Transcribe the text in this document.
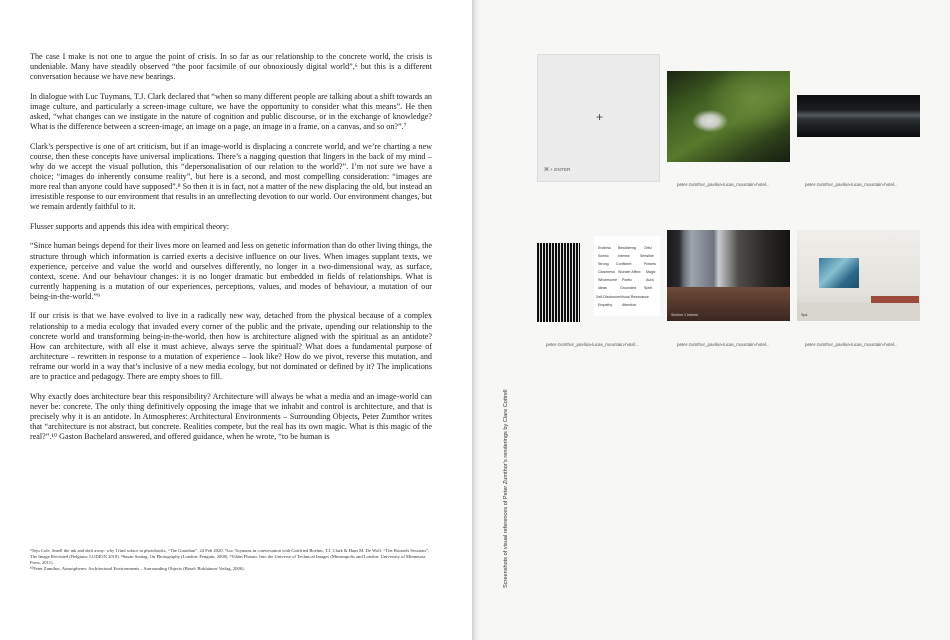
The case I make is not one to argue the point of crisis. In so far as our relationship to the concrete world, the crisis is undeniable. Many have steadily observed “the poor facsimile of our obnoxiously digital world”,⁶ but this is a different conversation because we have new bearings.

In dialogue with Luc Tuymans, T.J. Clark declared that “when so many different people are talking about a shift towards an image culture, and particularly a screen-image culture, we have the opportunity to consider what this means”. He then asked, “what changes can we instigate in the nature of cognition and public discourse, or in the exchange of knowledge? What is the difference between a screen-image, an image on a page, an image in a frame, on a canvas, and so on?”.⁷

Clark’s perspective is one of art criticism, but if an image-world is displacing a concrete world, and we’re charting a new course, then these concepts have universal implications. There’s a nagging question that lingers in the back of my mind – why do we accept the visual pollution, this “depersonalisation of our relation to the world?”. I’m not sure we have a choice; “images do inherently consume reality”, but here is a second, and most compelling consideration: “images are more real than anyone could have supposed”.⁸ So then it is in fact, not a matter of the new displacing the old, but instead an irresistible response to our environment that results in an unreflecting devotion to our world. Our environment changes, but we remain ardently faithful to it.

Flusser supports and appends this idea with empirical theory:

“Since human beings depend for their lives more on learned and less on genetic information than do other living things, the structure through which information is carried exerts a decisive influence on our lives. When images supplant texts, we experience, perceive and value the world and ourselves differently, no longer in a two-dimensional way, as surface, context, scene. And our behaviour changes: it is no longer dramatic but embedded in fields of relationships. What is currently happening is a mutation of our experiences, perceptions, values, and modes of behaviour, a mutation of our being-in-the-world.”⁹

If our crisis is that we have evolved to live in a radically new way, detached from the physical because of a complex relationship to a media ecology that invaded every corner of the public and the private, upending our relationship to the concrete world and transforming being-in-the-world, then how is architecture aligned with the spiritual as an antidote? How can architecture, with all else it must achieve, always serve the spiritual? What does a fundamental purpose of architecture – rewritten in response to a mutation of experience – look like? How do we pivot, reverse this mutation, and reframe our world in a way that’s inclusive of a new media ecology, but not dominated or defined by it? The implications are to practice and pedagogy. There are empty shoes to fill.

Why exactly does architecture bear this responsibility? Architecture will always be what a media and an image-world can never be: concrete. The only thing definitively opposing the image that we inhabit and control is architecture, and that is precisely why it is an antidote. In Atmospheres: Architectural Environments – Surrounding Objects, Peter Zumthor writes that “architecture is not abstract, but concrete. Realities compete, but the real has its own magic. What is this magic of the real?”.¹⁰ Gaston Bachelard answered, and offered guidance, when he wrote, “to be human is

⁶Teju Cole, Smell the ink and drift away: why I find solace in photobooks, “The Guardian”, 24 Feb 2020. ⁷Luc Tuymans in conversation with Gottfried Boehm, T.J. Clark & Hans M. De Wolf, “The Brussels Sessions”, The Image Revisited (Belgium: LUDION 2018). ⁸Susan Sontag, On Photography (London: Penguin, 2008). ⁹Vilém Flusser, Into the Universe of Technical Images (Minneapolis and London: University of Minnesota Press, 2011).

¹⁰Peter Zumthor, Atmospheres: Architectural Environments – Surrounding Objects (Basel: Birkhäuser Verlag, 2006).	Screenshots of visual references of Peter Zumthor’s renderings by Clare Cottrell
+
⌘ + ENTER
peter-zumthor_pavlina-lucas_mountain-hotel...	peter-zumthor_pavlina-lucas_mountain-hotel...
Endless Bewilderng Ortsl
Scenic	Intense	Sensible
Strong Confident	Powers
Closeness Wonder Affect Magic
Wholesome Poetic	Aura
Ideas	Grounded Spirit
Self-Disclosure Visual Resonance
Empathy	Attention
peter-zumthor_pavlina-lucas_mountain-hotel...
Section 1 Interior
peter-zumthor_pavlina-lucas_mountain-hotel...
Spa
peter-zumthor_pavlina-lucas_mountain-hotel...
